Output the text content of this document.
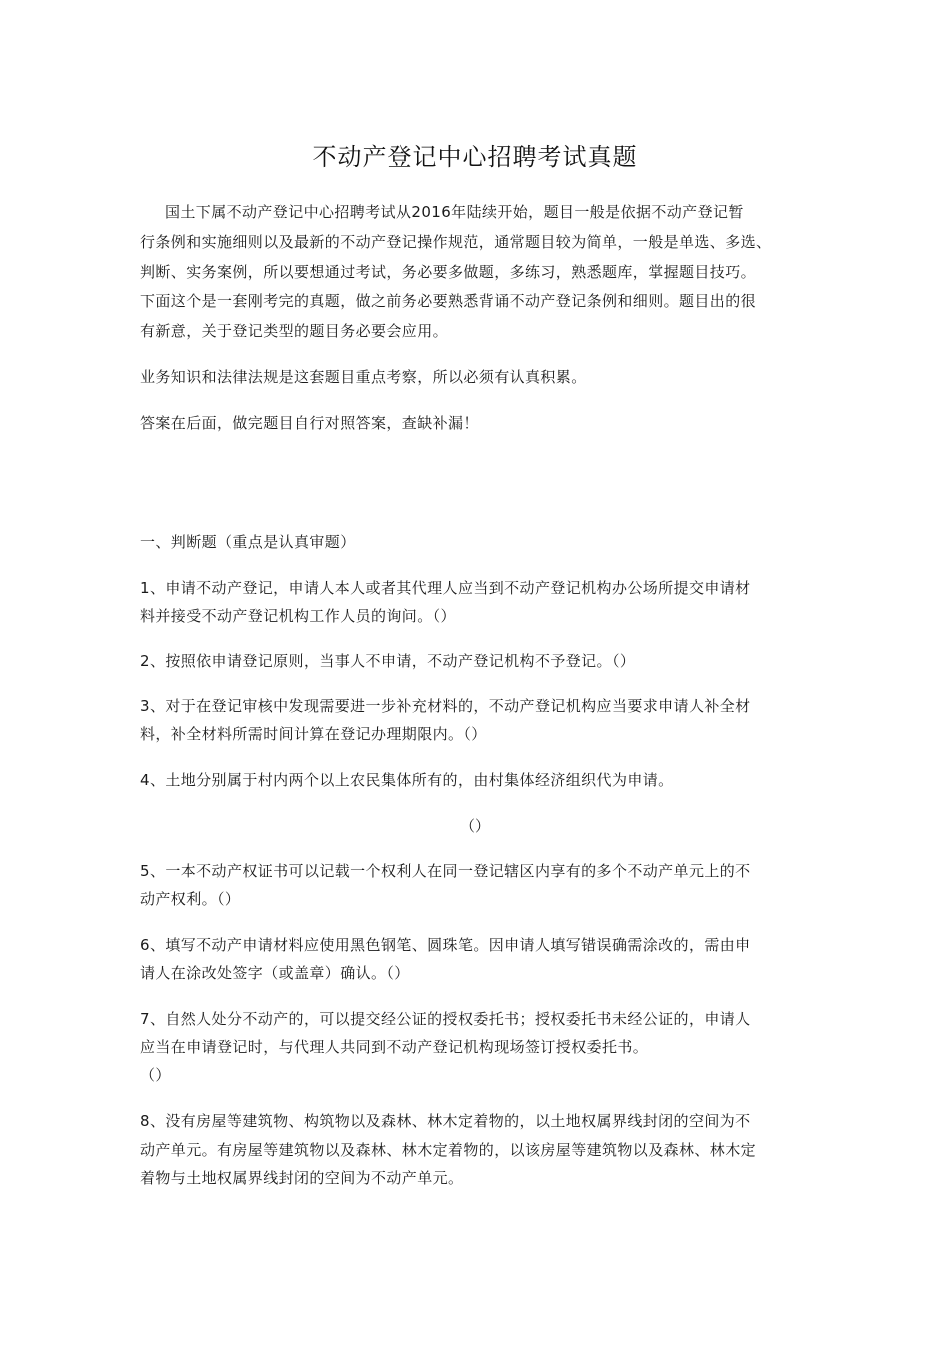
不动产登记中心招聘考试真题
国土下属不动产登记中心招聘考试从2016年陆续开始，题目一般是依据不动产登记暂
行条例和实施细则以及最新的不动产登记操作规范，通常题目较为简单，一般是单选、多选、
判断、实务案例，所以要想通过考试，务必要多做题，多练习，熟悉题库，掌握题目技巧。
下面这个是一套刚考完的真题，做之前务必要熟悉背诵不动产登记条例和细则。题目出的很
有新意，关于登记类型的题目务必要会应用。
业务知识和法律法规是这套题目重点考察，所以必须有认真积累。
答案在后面，做完题目自行对照答案，查缺补漏！
一、判断题（重点是认真审题）
1、申请不动产登记，申请人本人或者其代理人应当到不动产登记机构办公场所提交申请材
料并接受不动产登记机构工作人员的询问。（）
2、按照依申请登记原则，当事人不申请，不动产登记机构不予登记。（）
3、对于在登记审核中发现需要进一步补充材料的，不动产登记机构应当要求申请人补全材
料，补全材料所需时间计算在登记办理期限内。（）
4、土地分别属于村内两个以上农民集体所有的，由村集体经济组织代为申请。
（）
5、一本不动产权证书可以记载一个权利人在同一登记辖区内享有的多个不动产单元上的不
动产权利。（）
6、填写不动产申请材料应使用黑色钢笔、圆珠笔。因申请人填写错误确需涂改的，需由申
请人在涂改处签字（或盖章）确认。（）
7、自然人处分不动产的，可以提交经公证的授权委托书；授权委托书未经公证的，申请人
应当在申请登记时，与代理人共同到不动产登记机构现场签订授权委托书。
（）
8、没有房屋等建筑物、构筑物以及森林、林木定着物的，以土地权属界线封闭的空间为不
动产单元。有房屋等建筑物以及森林、林木定着物的，以该房屋等建筑物以及森林、林木定
着物与土地权属界线封闭的空间为不动产单元。
